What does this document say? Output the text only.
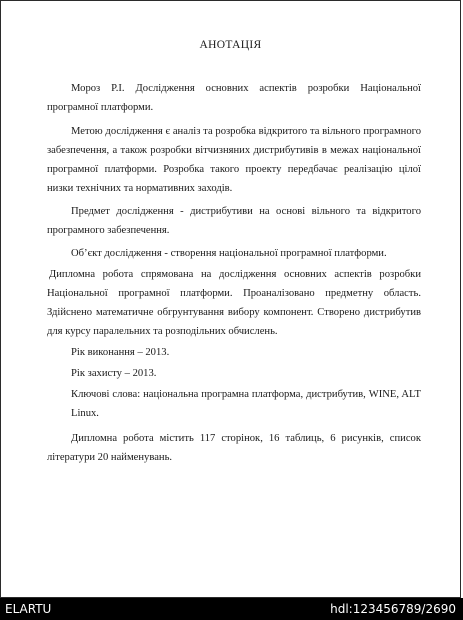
АНОТАЦІЯ

Мороз Р.І. Дослідження основних аспектів розробки Національної програмної платформи.

Метою дослідження є аналіз та розробка відкритого та вільного програмного забезпечення, а також розробки вітчизняних дистрибутивів в межах національної програмної платформи. Розробка такого проекту передбачає реалізацію цілої низки технічних та нормативних заходів.

Предмет дослідження - дистрибутиви на основі вільного та відкритого програмного забезпечення.

Об’єкт дослідження - створення національної програмної платформи.

Дипломна робота спрямована на дослідження основних аспектів розробки Національної програмної платформи. Проаналізовано предметну область. Здійснено математичне обгрунтування вибору компонент. Створено дистрибутив для курсу паралельних та розподільних обчислень.

Рік виконання – 2013.

Рік захисту – 2013.

Ключові слова: національна програмна платформа, дистрибутив, WINE, ALT Linux.

Дипломна робота містить 117 сторінок, 16 таблиць, 6 рисунків, список літератури 20 найменувань.

ELARTU	hdl:123456789/2690
